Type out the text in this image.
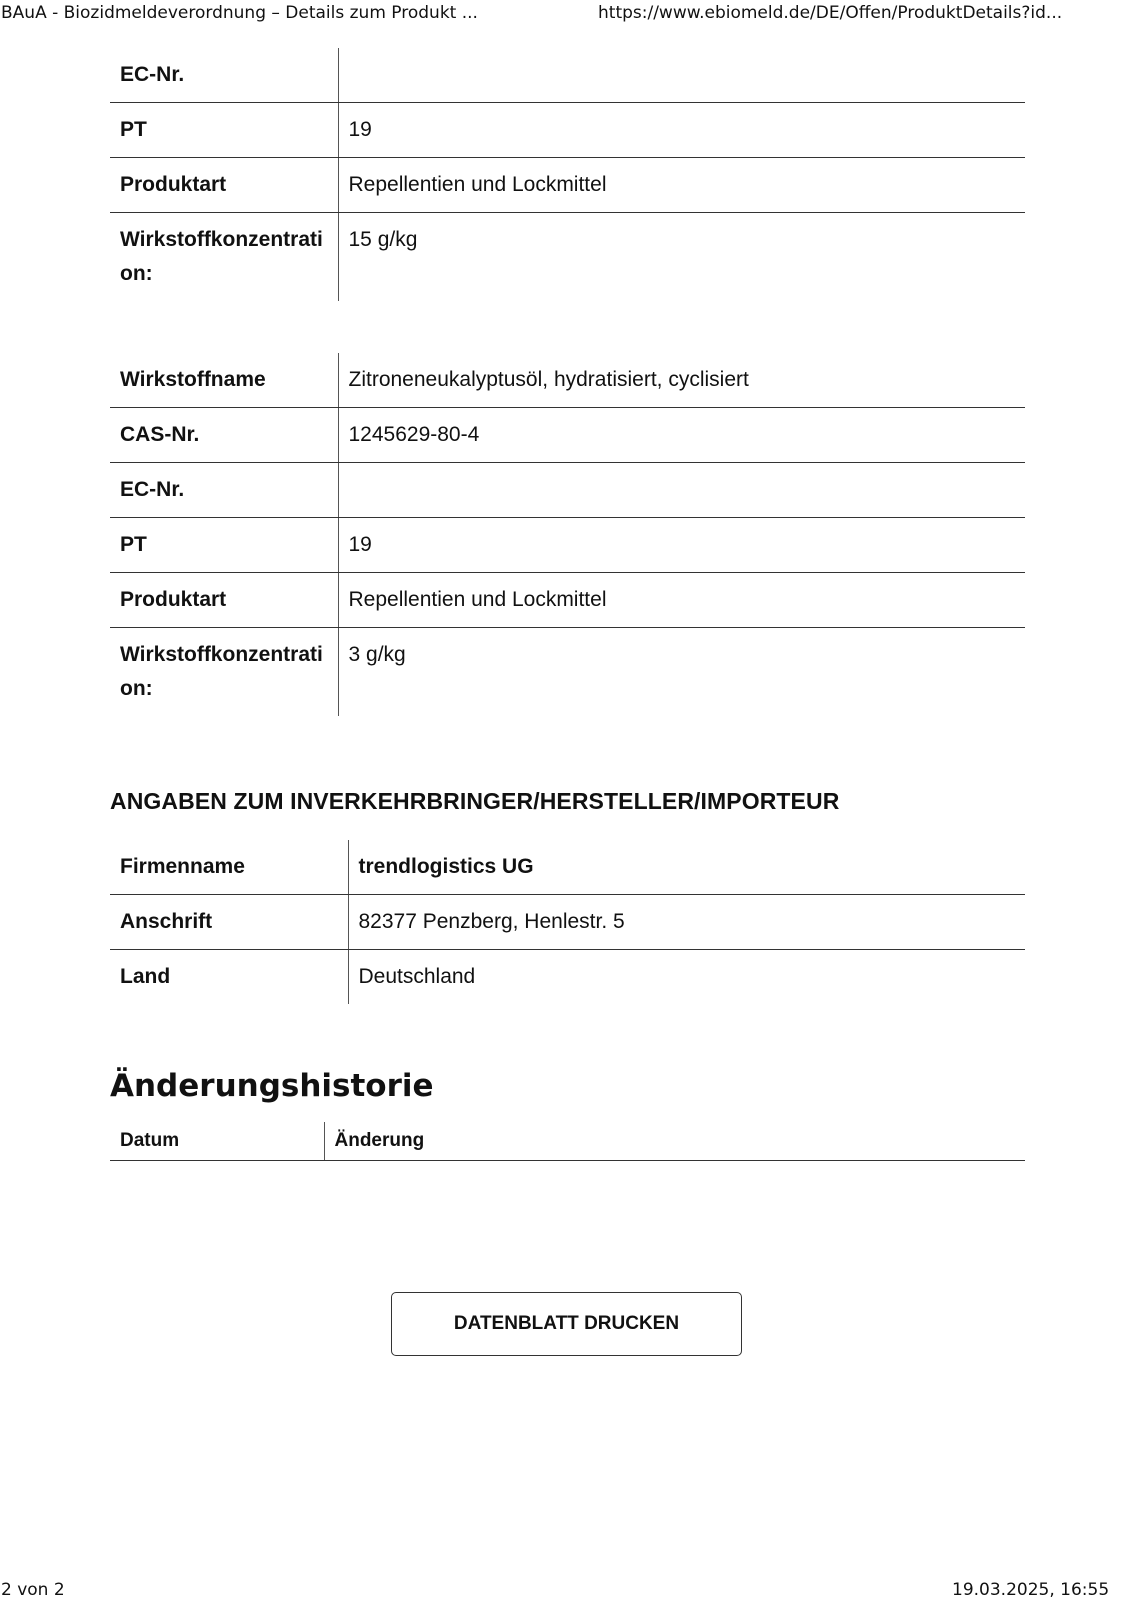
BAuA - Biozidmeldeverordnung – Details zum Produkt ...	https://www.ebiomeld.de/DE/Offen/ProduktDetails?id...
EC-Nr.	
PT	19
Produktart	Repellentien und Lockmittel
Wirkstoffkonzentration:	15 g/kg
Wirkstoffname	Zitroneneukalyptusöl, hydratisiert, cyclisiert
CAS-Nr.	1245629-80-4
EC-Nr.	
PT	19
Produktart	Repellentien und Lockmittel
Wirkstoffkonzentration:	3 g/kg
ANGABEN ZUM INVERKEHRBRINGER/HERSTELLER/IMPORTEUR
Firmenname	trendlogistics UG
Anschrift	82377 Penzberg, Henlestr. 5
Land	Deutschland
Änderungshistorie
Datum	Änderung
DATENBLATT DRUCKEN
2 von 2	19.03.2025, 16:55
